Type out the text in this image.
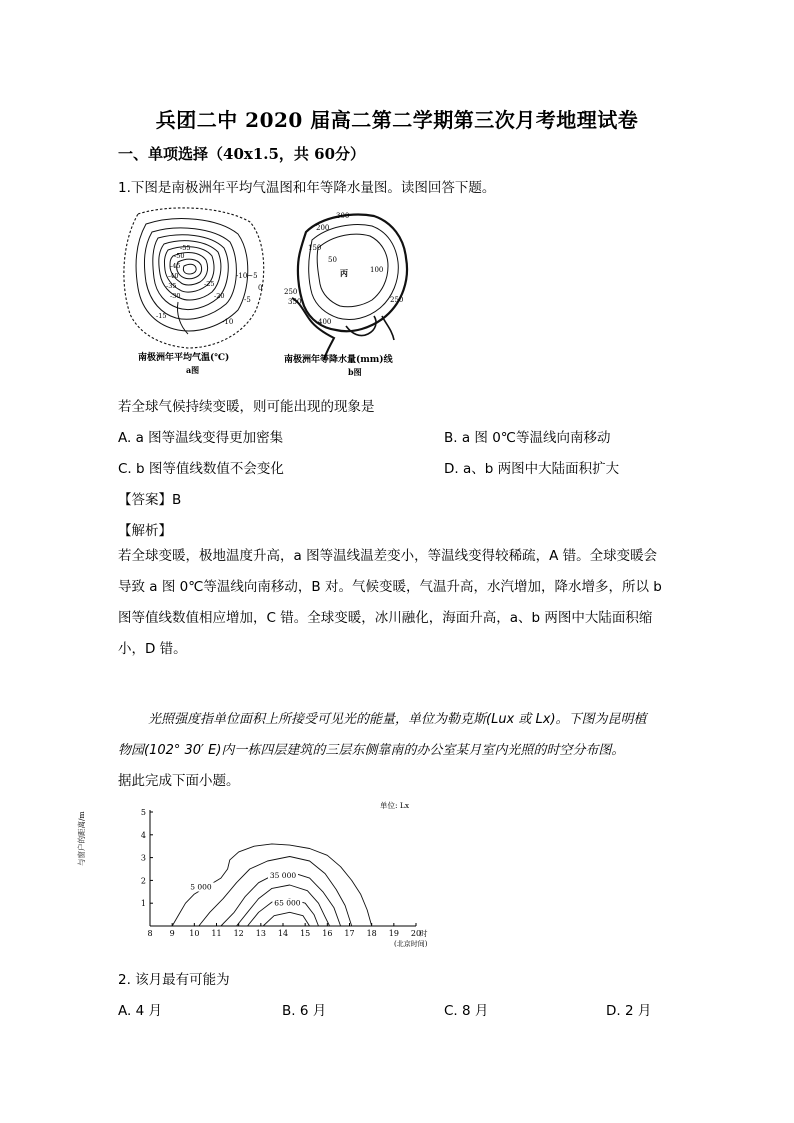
兵团二中 2020 届高二第二学期第三次月考地理试卷
一、单项选择（40x1.5，共 60分）
1.下图是南极洲年平均气温图和年等降水量图。读图回答下题。
-10~5
0
-5
-10
-15
-20
-25
-30
-35
-40
-45
-50
-55
南极洲年平均气温(℃)
a图
300
250
200
50
100
150
250
350
400
丙
南极洲年等降水量(mm)线
b图
若全球气候持续变暖，则可能出现的现象是
A. a 图等温线变得更加密集	B. a 图 0℃等温线向南移动
C. b 图等值线数值不会变化	D. a、b 两图中大陆面积扩大
【答案】B
【解析】
若全球变暖，极地温度升高，a 图等温线温差变小，等温线变得较稀疏，A 错。全球变暖会
导致 a 图 0℃等温线向南移动，B 对。气候变暖，气温升高，水汽增加，降水增多，所以 b
图等值线数值相应增加，C 错。全球变暖，冰川融化，海面升高，a、b 两图中大陆面积缩
小，D 错。
光照强度指单位面积上所接受可见光的能量，单位为勒克斯(Lux 或 Lx)。下图为昆明植
物园(102° 30′ E)内一栋四层建筑的三层东侧靠南的办公室某月室内光照的时空分布图。
据此完成下面小题。
与窗户的距离/m
单位: Lx
时
(北京时间)
8 9 10 11 12 13 14 15 16 17 18 19 20
1
2
3
4
5
5 000
35 000
65 000
2. 该月最有可能为
A. 4 月	B. 6 月	C. 8 月	D. 2 月
